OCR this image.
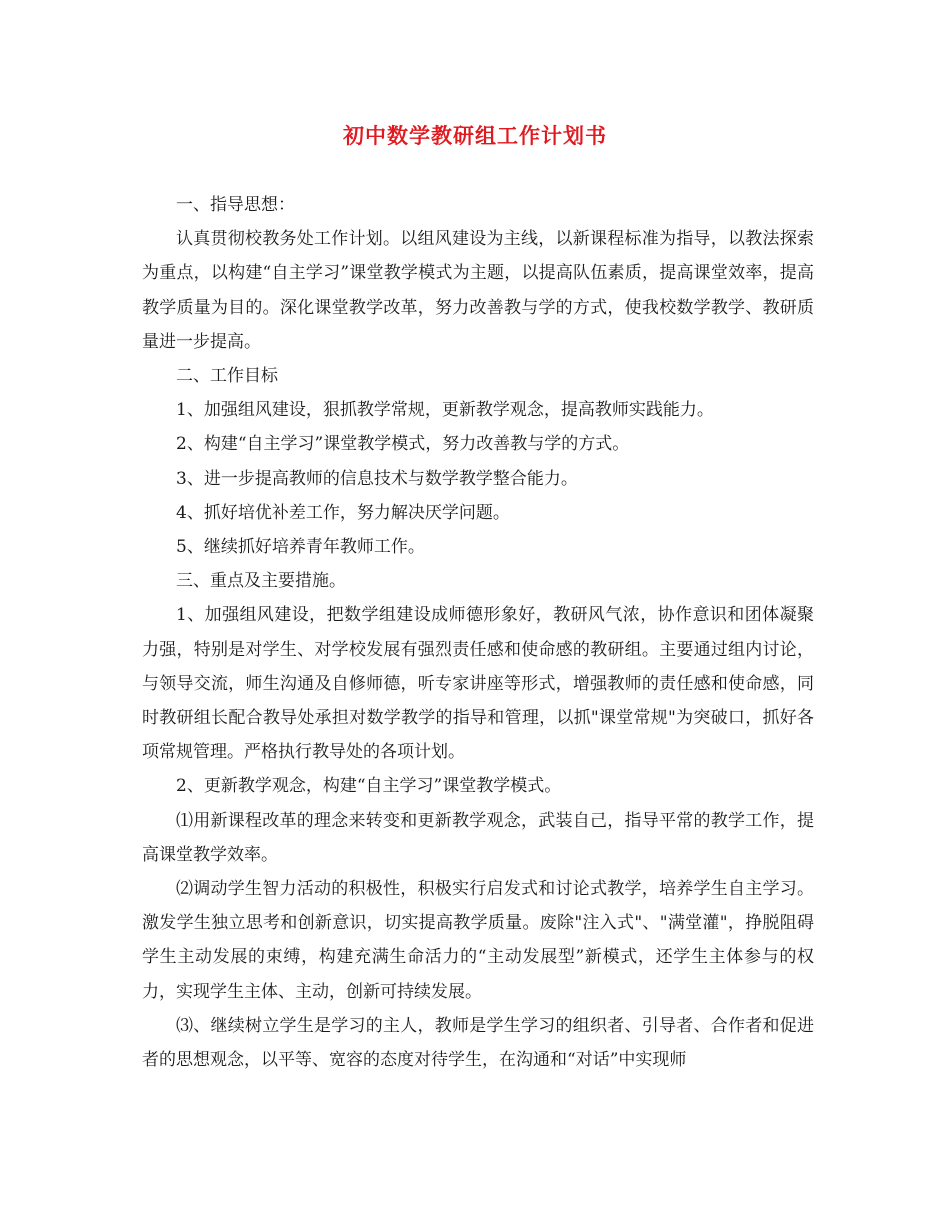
初中数学教研组工作计划书

一、指导思想：

认真贯彻校教务处工作计划。以组风建设为主线，以新课程标准为指导，以教法探索为重点，以构建“自主学习”课堂教学模式为主题，以提高队伍素质，提高课堂效率，提高教学质量为目的。深化课堂教学改革，努力改善教与学的方式，使我校数学教学、教研质量进一步提高。

二、工作目标

1、加强组风建设，狠抓教学常规，更新教学观念，提高教师实践能力。

2、构建“自主学习”课堂教学模式，努力改善教与学的方式。

3、进一步提高教师的信息技术与数学教学整合能力。

4、抓好培优补差工作，努力解决厌学问题。

5、继续抓好培养青年教师工作。

三、重点及主要措施。

1、加强组风建设，把数学组建设成师德形象好，教研风气浓，协作意识和团体凝聚力强，特别是对学生、对学校发展有强烈责任感和使命感的教研组。主要通过组内讨论，与领导交流，师生沟通及自修师德，听专家讲座等形式，增强教师的责任感和使命感，同时教研组长配合教导处承担对数学教学的指导和管理，以抓"课堂常规"为突破口，抓好各项常规管理。严格执行教导处的各项计划。

2、更新教学观念，构建“自主学习”课堂教学模式。

⑴用新课程改革的理念来转变和更新教学观念，武装自己，指导平常的教学工作，提高课堂教学效率。

⑵调动学生智力活动的积极性，积极实行启发式和讨论式教学，培养学生自主学习。激发学生独立思考和创新意识，切实提高教学质量。废除"注入式"、"满堂灌"，挣脱阻碍学生主动发展的束缚，构建充满生命活力的“主动发展型”新模式，还学生主体参与的权力，实现学生主体、主动，创新可持续发展。

⑶、继续树立学生是学习的主人，教师是学生学习的组织者、引导者、合作者和促进者的思想观念，以平等、宽容的态度对待学生，在沟通和“对话”中实现师
